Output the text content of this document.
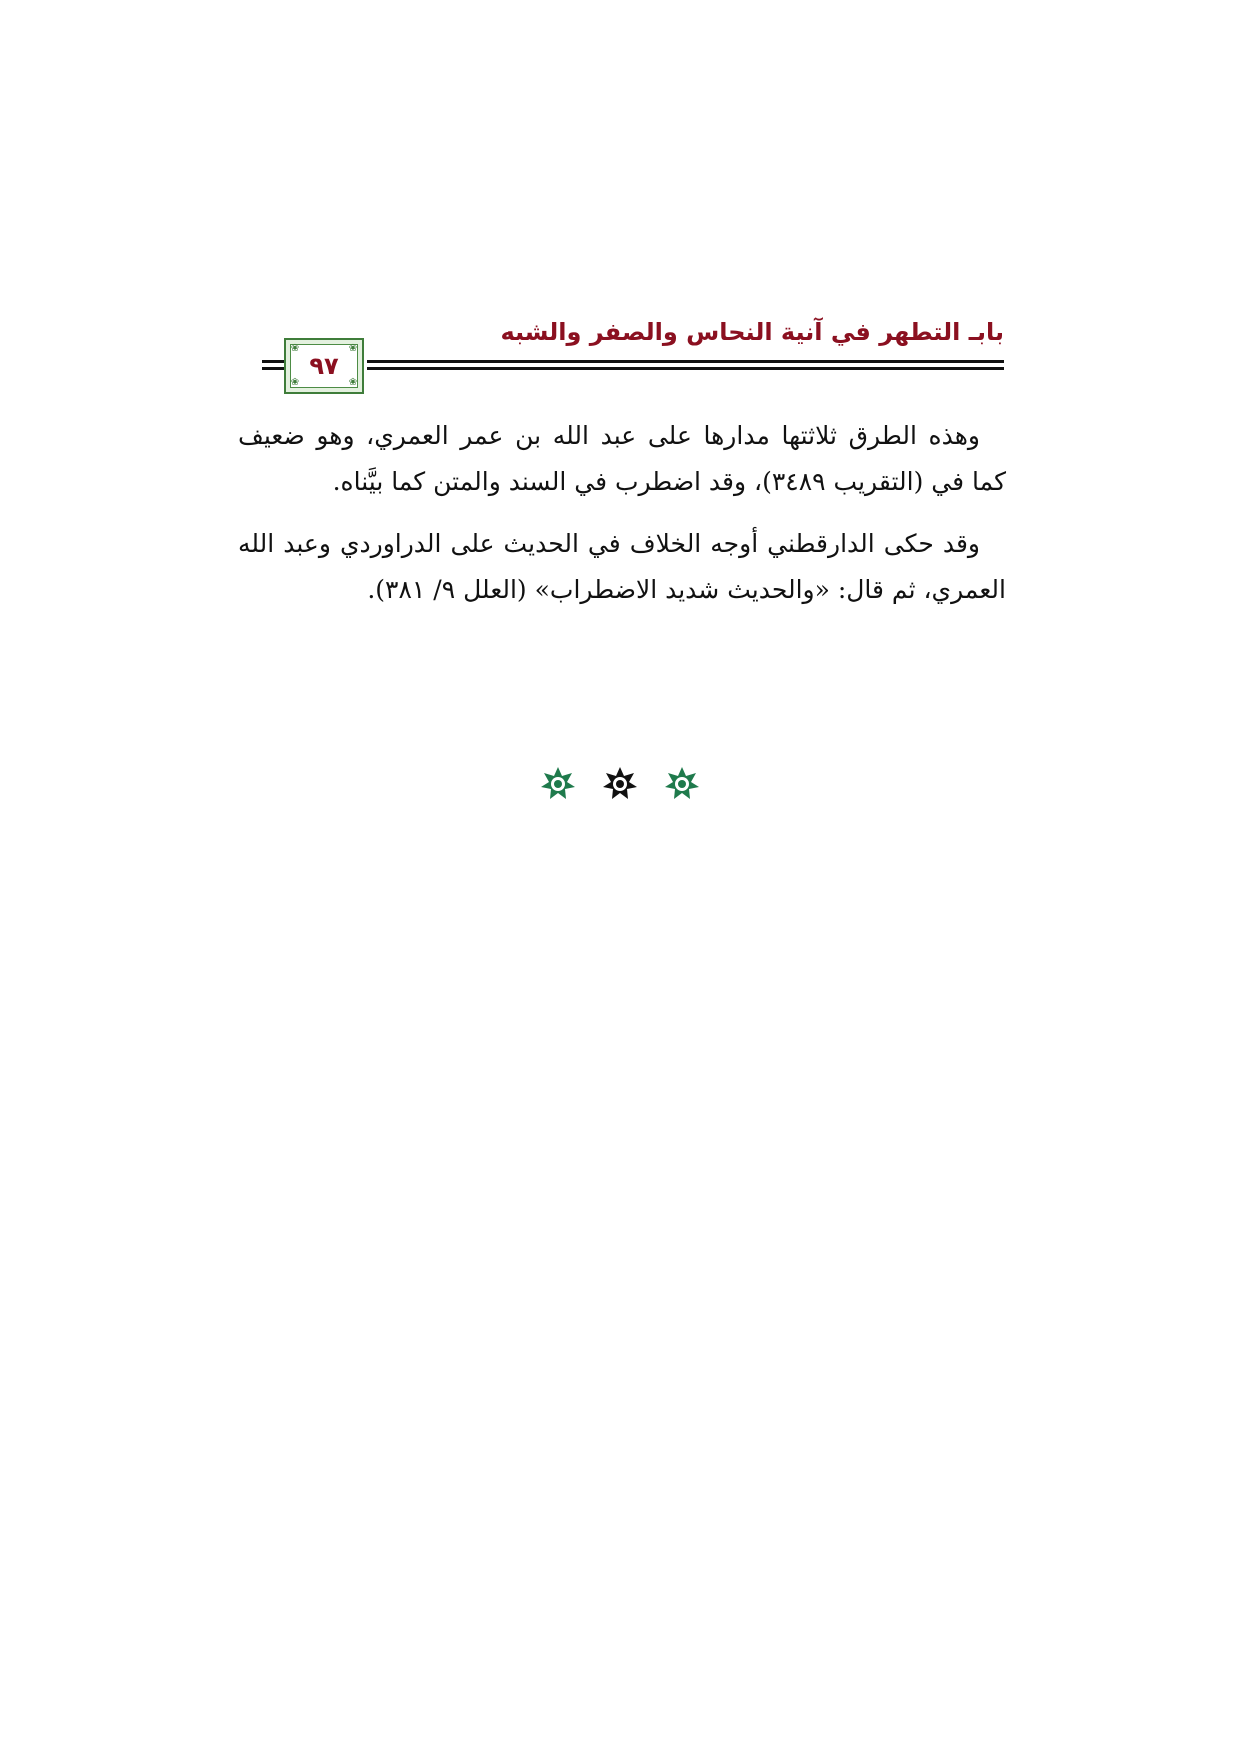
بابـ التطهر في آنية النحاس والصفر والشبه
❀	❀
❀	❀
٩٧

وهذه الطرق ثلاثتها مدارها على عبد الله بن عمر العمري، وهو ضعيف كما في (التقريب ٣٤٨٩)، وقد اضطرب في السند والمتن كما بيَّناه.

وقد حكى الدارقطني أوجه الخلاف في الحديث على الدراوردي وعبد الله العمري، ثم قال: «والحديث شديد الاضطراب» (العلل ٩/ ٣٨١).
